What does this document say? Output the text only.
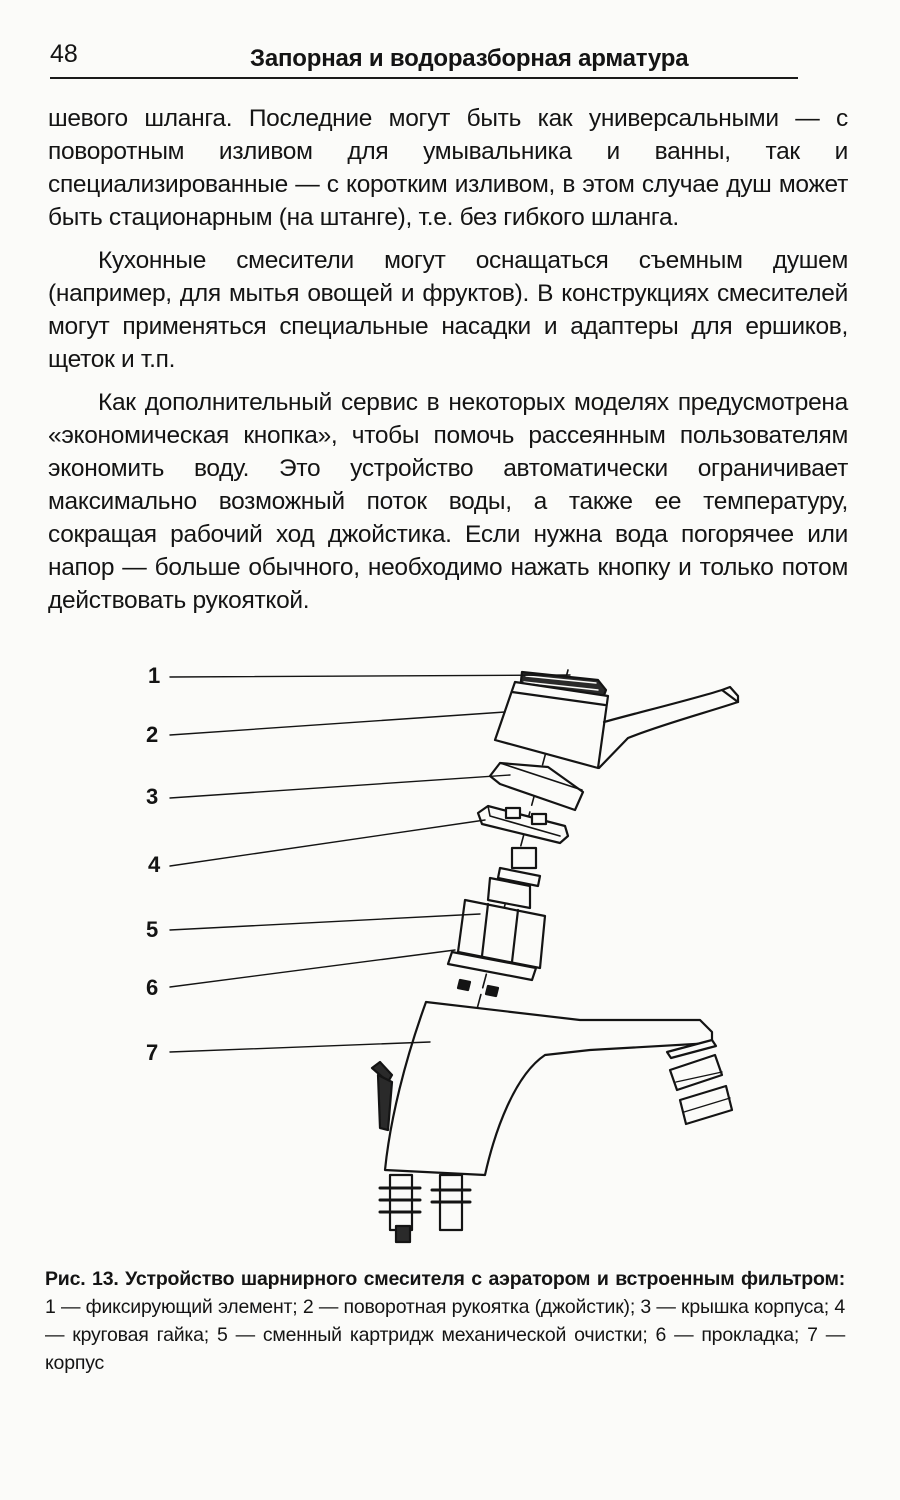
48	Запорная и водоразборная арматура

шевого шланга. Последние могут быть как универсальными — с поворотным изливом для умывальника и ванны, так и специализированные — с коротким изливом, в этом случае душ может быть стационарным (на штанге), т.е. без гибкого шланга.

Кухонные смесители могут оснащаться съемным душем (например, для мытья овощей и фруктов). В конструкциях смесителей могут применяться специальные насадки и адаптеры для ершиков, щеток и т.п.

Как дополнительный сервис в некоторых моделях предусмотрена «экономическая кнопка», чтобы помочь рассеянным пользователям экономить воду. Это устройство автоматически ограничивает максимально возможный поток воды, а также ее температуру, сокращая рабочий ход джойстика. Если нужна вода погорячее или напор — больше обычного, необходимо нажать кнопку и только потом действовать рукояткой.

1
2
3
4
5
6
7
Рис. 13. Устройство шарнирного смесителя с аэратором и встроенным фильтром: 1 — фиксирующий элемент; 2 — поворотная рукоятка (джойстик); 3 — крышка корпуса; 4 — круговая гайка; 5 — сменный картридж механической очистки; 6 — прокладка; 7 — корпус
